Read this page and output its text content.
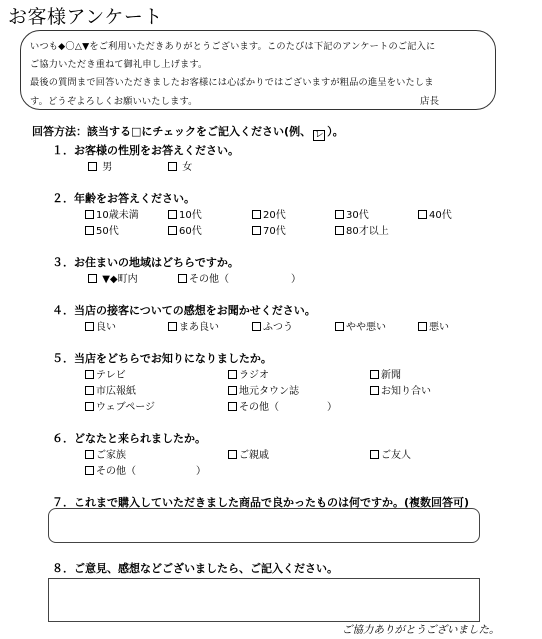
お客様アンケート
いつも◆〇△▼をご利用いただきありがとうございます。このたびは下記のアンケートのご記入に
ご協力いただき重ねて御礼申し上げます。
最後の質問まで回答いただきましたお客様には心ばかりではございますが粗品の進呈をいたしま
す。どうぞよろしくお願いいたします。	店長
回答方法：該当する□にチェックをご記入ください(例、 レ ）。
１．お客様の性別をお答えください。
男	女
２．年齢をお答えください。
10歳未満	10代	20代	30代	40代
50代	60代	70代	80才以上
３．お住まいの地域はどちらですか。
▼◆町内	その他（	）
４．当店の接客についての感想をお聞かせください。
良い	まあ良い	ふつう	やや悪い	悪い
５．当店をどちらでお知りになりましたか。
テレビ	ラジオ	新聞
市広報紙	地元タウン誌	お知り合い
ウェブページ	その他（	）
６．どなたと来られましたか。
ご家族	ご親戚	ご友人
その他（	）
７．これまで購入していただきました商品で良かったものは何ですか。(複数回答可)
８．ご意見、感想などございましたら、ご記入ください。
ご協力ありがとうございました。
